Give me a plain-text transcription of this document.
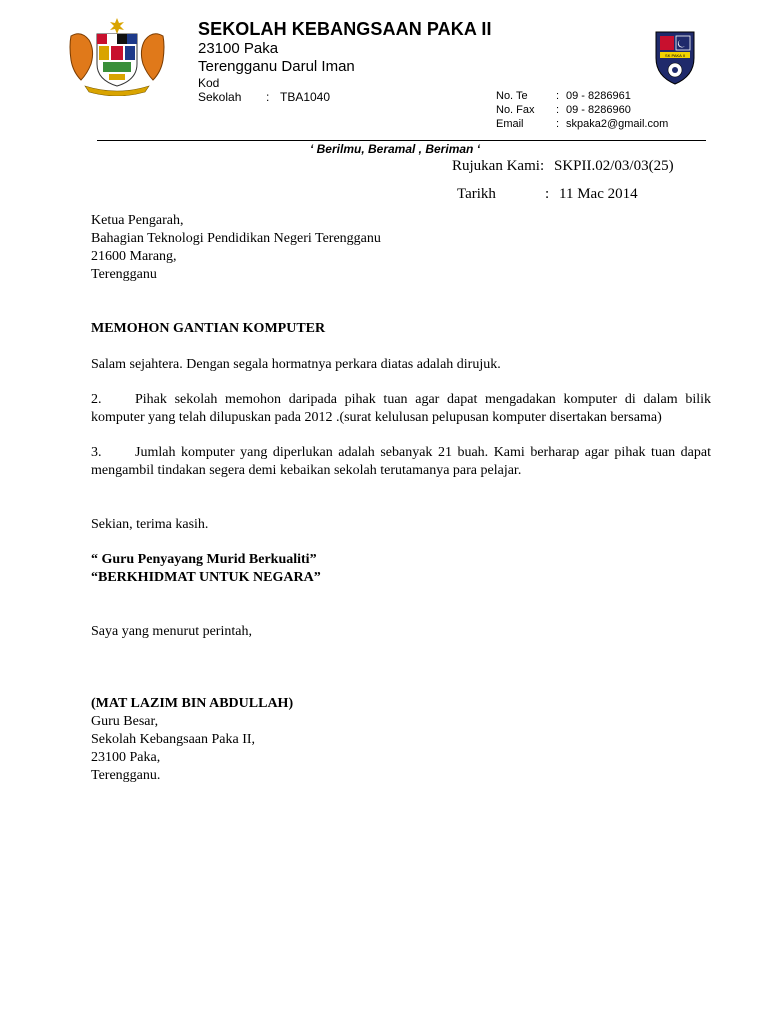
SEKOLAH KEBANGSAAN PAKA II
23100 Paka
Terengganu Darul Iman
Kod Sekolah : TBA1040	No. Te	: 09 - 8286961
No. Fax : 09 - 8286960
Email	: skpaka2@gmail.com
SK PAKA II
‘ Berilmu, Beramal , Beriman ‘
Rujukan Kami: SKPII.02/03/03(25)
Tarikh	: 11 Mac 2014
Ketua Pengarah,
Bahagian Teknologi Pendidikan Negeri Terengganu
21600 Marang,
Terengganu
MEMOHON GANTIAN KOMPUTER
Salam sejahtera. Dengan segala hormatnya perkara diatas adalah dirujuk.
2. Pihak sekolah memohon daripada pihak tuan agar dapat mengadakan komputer di dalam bilik komputer yang telah dilupuskan pada 2012 .(surat kelulusan pelupusan komputer disertakan bersama)
3. Jumlah komputer yang diperlukan adalah sebanyak 21 buah. Kami berharap agar pihak tuan dapat mengambil tindakan segera demi kebaikan sekolah terutamanya para pelajar.
Sekian, terima kasih.
“ Guru Penyayang Murid Berkualiti”
“BERKHIDMAT UNTUK NEGARA”
Saya yang menurut perintah,
(MAT LAZIM BIN ABDULLAH)
Guru Besar,
Sekolah Kebangsaan Paka II,
23100 Paka,
Terengganu.
